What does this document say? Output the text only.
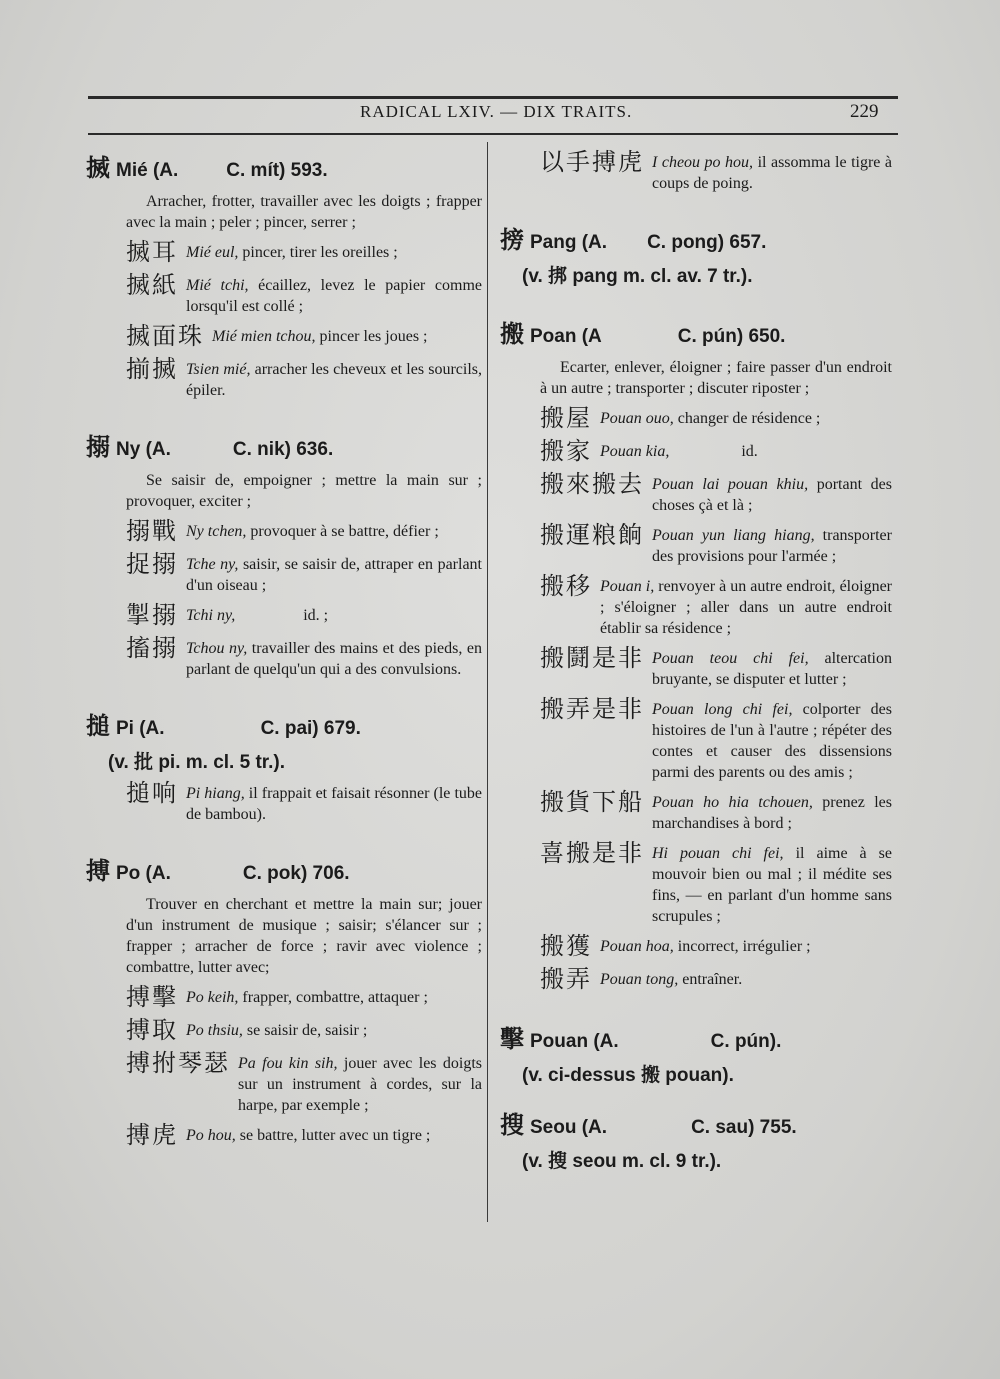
RADICAL LXIV. — DIX TRAITS.	229
搣 Mié (A.	C. mít) 593.
Arracher, frotter, travailler avec les doigts ; frapper avec la main ; peler ; pincer, serrer ;
搣耳 Mié eul, pincer, tirer les oreilles ;
搣紙 Mié tchi, écaillez, levez le papier comme lorsqu'il est collé ;
搣面珠 Mié mien tchou, pincer les joues ;
揃搣 Tsien mié, arracher les cheveux et les sourcils, épiler.
搦 Ny (A.	C. nik) 636.
Se saisir de, empoigner ; mettre la main sur ; provoquer, exciter ;
搦戰 Ny tchen, provoquer à se battre, défier ;
捉搦 Tche ny, saisir, se saisir de, attraper en parlant d'un oiseau ;
掣搦 Tchi ny,                 id. ;
搐搦 Tchou ny, travailler des mains et des pieds, en parlant de quelqu'un qui a des convulsions.
搥 Pi (A.	C. pai) 679.
(v. 批 pi. m. cl. 5 tr.).
搥响 Pi hiang, il frappait et faisait résonner (le tube de bambou).
搏 Po (A.	C. pok) 706.
Trouver en cherchant et mettre la main sur; jouer d'un instrument de musique ; saisir; s'élancer sur ; frapper ; arracher de force ; ravir avec violence ; combattre, lutter avec;
搏擊 Po keih, frapper, combattre, attaquer ;
搏取 Po thsiu, se saisir de, saisir ;
搏拊琴瑟 Pa fou kin sih, jouer avec les doigts sur un instrument à cordes, sur la harpe, par exemple ;
搏虎 Po hou, se battre, lutter avec un tigre ;
以手搏虎 I cheou po hou, il assomma le tigre à coups de poing.
搒 Pang (A. C. pong) 657.
(v. 挷 pang m. cl. av. 7 tr.).
搬 Poan (A	C. pún) 650.
Ecarter, enlever, éloigner ; faire passer d'un endroit à un autre ; transporter ; discuter riposter ;
搬屋 Pouan ouo, changer de résidence ;
搬家 Pouan kia,                  id.
搬來搬去 Pouan lai pouan khiu, portant des choses çà et là ;
搬運粮餉 Pouan yun liang hiang, transporter des provisions pour l'armée ;
搬移 Pouan i, renvoyer à un autre endroit, éloigner ; s'éloigner ; aller dans un autre endroit établir sa résidence ;
搬鬪是非 Pouan teou chi fei, altercation bruyante, se disputer et lutter ;
搬弄是非 Pouan long chi fei, colporter des histoires de l'un à l'autre ; répéter des contes et causer des dissensions parmi des parents ou des amis ;
搬貨下船 Pouan ho hia tchouen, prenez les marchandises à bord ;
喜搬是非 Hi pouan chi fei, il aime à se mouvoir bien ou mal ; il médite ses fins, — en parlant d'un homme sans scrupules ;
搬獲 Pouan hoa, incorrect, irrégulier ;
搬弄 Pouan tong, entraîner.
擊 Pouan (A.	C. pún).
(v. ci-dessus 搬 pouan).
搜 Seou (A.	C. sau) 755.
(v. 搜 seou m. cl. 9 tr.).
